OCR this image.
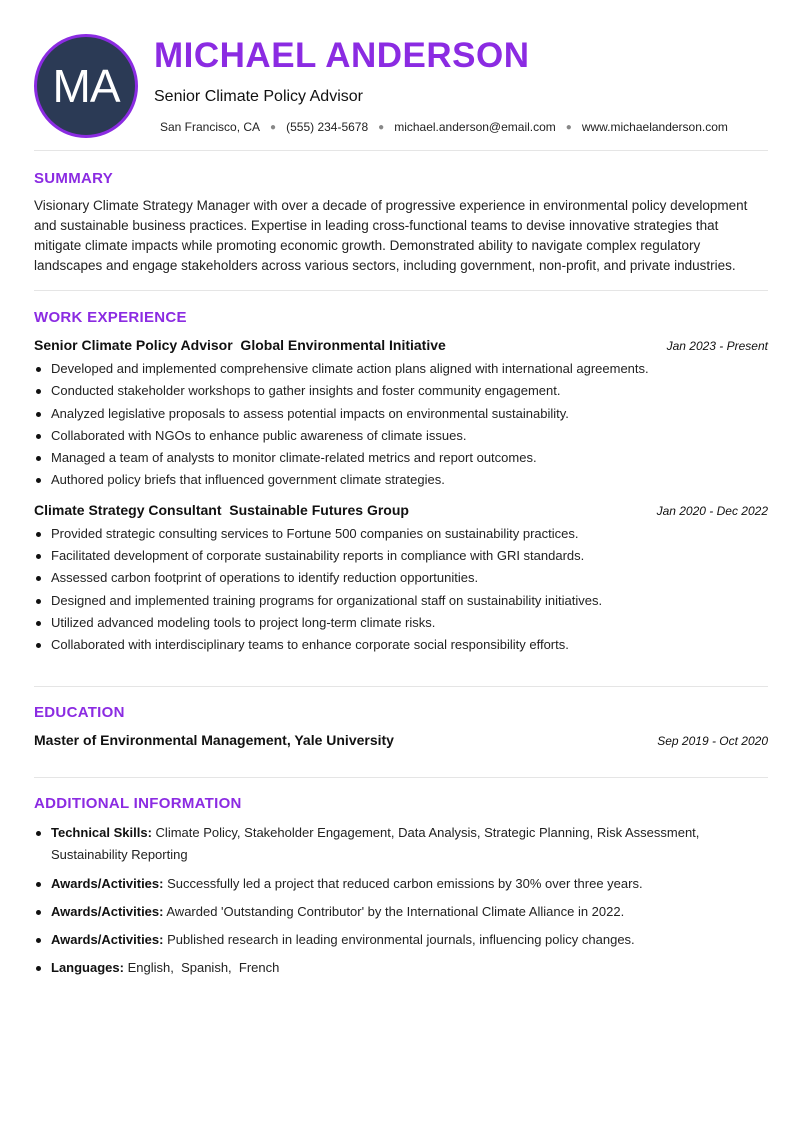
MA
MICHAEL ANDERSON
Senior Climate Policy Advisor
San Francisco, CA ● (555) 234-5678 ● michael.anderson@email.com ● www.michaelanderson.com
SUMMARY

Visionary Climate Strategy Manager with over a decade of progressive experience in environmental policy development and sustainable business practices. Expertise in leading cross-functional teams to devise innovative strategies that mitigate climate impacts while promoting economic growth. Demonstrated ability to navigate complex regulatory landscapes and engage stakeholders across various sectors, including government, non-profit, and private industries.

WORK EXPERIENCE
Senior Climate Policy Advisor  Global Environmental Initiative	Jan 2023 - Present
Developed and implemented comprehensive climate action plans aligned with international agreements.
Conducted stakeholder workshops to gather insights and foster community engagement.
Analyzed legislative proposals to assess potential impacts on environmental sustainability.
Collaborated with NGOs to enhance public awareness of climate issues.
Managed a team of analysts to monitor climate-related metrics and report outcomes.
Authored policy briefs that influenced government climate strategies.
Climate Strategy Consultant  Sustainable Futures Group	Jan 2020 - Dec 2022
Provided strategic consulting services to Fortune 500 companies on sustainability practices.
Facilitated development of corporate sustainability reports in compliance with GRI standards.
Assessed carbon footprint of operations to identify reduction opportunities.
Designed and implemented training programs for organizational staff on sustainability initiatives.
Utilized advanced modeling tools to project long-term climate risks.
Collaborated with interdisciplinary teams to enhance corporate social responsibility efforts.
EDUCATION
Master of Environmental Management, Yale University	Sep 2019 - Oct 2020
ADDITIONAL INFORMATION
Technical Skills: Climate Policy, Stakeholder Engagement, Data Analysis, Strategic Planning, Risk Assessment, Sustainability Reporting
Awards/Activities: Successfully led a project that reduced carbon emissions by 30% over three years.
Awards/Activities: Awarded 'Outstanding Contributor' by the International Climate Alliance in 2022.
Awards/Activities: Published research in leading environmental journals, influencing policy changes.
Languages: English,  Spanish,  French
